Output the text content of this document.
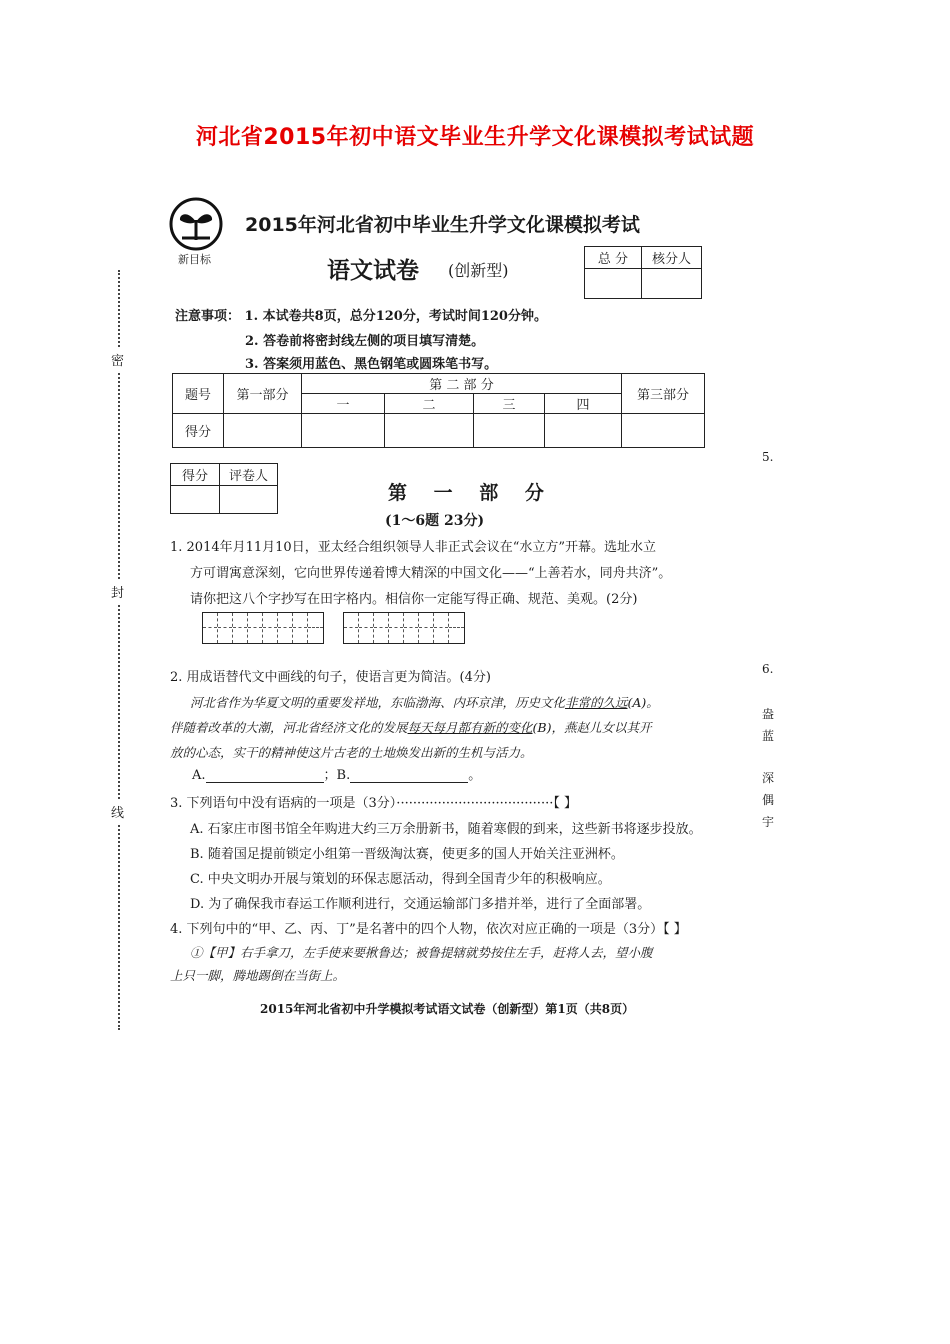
河北省2015年初中语文毕业生升学文化课模拟考试试题
密
封
线
新目标
2015年河北省初中毕业生升学文化课模拟考试
语文试卷 (创新型)
总 分	核分人

注意事项： 1. 本试卷共8页，总分120分，考试时间120分钟。
2. 答卷前将密封线左侧的项目填写清楚。
3. 答案须用蓝色、黑色钢笔或圆珠笔书写。
题号	第一部分	第 二 部 分				第三部分
		一	二	三	四	
得分						
得分	评卷人

第 一 部 分
(1～6题 23分)
1. 2014年月11月10日，亚太经合组织领导人非正式会议在“水立方”开幕。选址水立
方可谓寓意深刻，它向世界传递着博大精深的中国文化——“上善若水，同舟共济”。
请你把这八个字抄写在田字格内。相信你一定能写得正确、规范、美观。(2分)
2. 用成语替代文中画线的句子，使语言更为简洁。(4分)
河北省作为华夏文明的重要发祥地，东临渤海、内环京津，历史文化非常的久远(A)。
伴随着改革的大潮，河北省经济文化的发展每天每月都有新的变化(B)，燕赵儿女以其开
放的心态，实干的精神使这片古老的土地焕发出新的生机与活力。
A.	；B.	。
3. 下列语句中没有语病的一项是（3分）······································【 】
A. 石家庄市图书馆全年购进大约三万余册新书，随着寒假的到来，这些新书将逐步投放。
B. 随着国足提前锁定小组第一晋级淘汰赛，使更多的国人开始关注亚洲杯。
C. 中央文明办开展与策划的环保志愿活动，得到全国青少年的积极响应。
D. 为了确保我市春运工作顺利进行，交通运输部门多措并举，进行了全面部署。
4. 下列句中的“甲、乙、丙、丁”是名著中的四个人物，依次对应正确的一项是（3分）【 】
①【甲】右手拿刀，左手使来要揪鲁达；被鲁提辖就势按住左手，赶将人去，望小腹
上只一脚，腾地踢倒在当街上。
2015年河北省初中升学模拟考试语文试卷（创新型）第1页（共8页）
5.
6.
盎
蓝
深
偶
宇
